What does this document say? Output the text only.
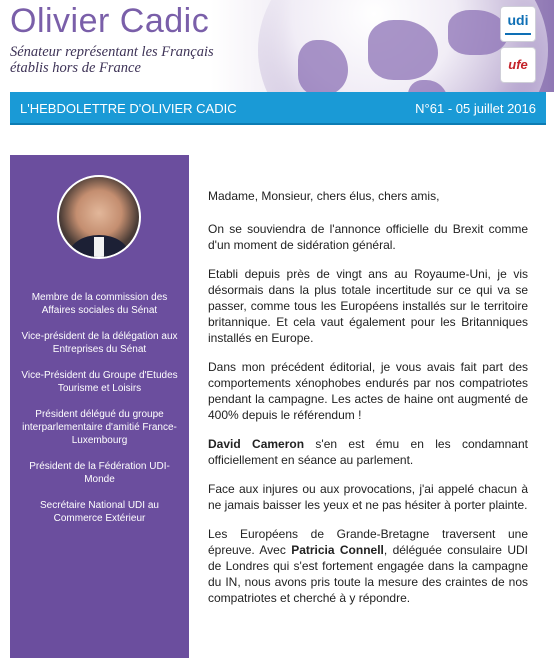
Olivier Cadic
Sénateur représentant les Français
établis hors de France
udi
ufe
L'HEBDOLETTRE D'OLIVIER CADIC	N°61 - 05 juillet 2016
Membre de la commission des Affaires sociales du Sénat
Vice-président de la délégation aux Entreprises du Sénat
Vice-Président du Groupe d'Etudes Tourisme et Loisirs
Président délégué du groupe interparlementaire d'amitié France-Luxembourg
Président de la Fédération UDI-Monde
Secrétaire National UDI au Commerce Extérieur

Madame, Monsieur, chers élus, chers amis,

On se souviendra de l'annonce officielle du Brexit comme d'un moment de sidération général.

Etabli depuis près de vingt ans au Royaume-Uni, je vis désormais dans la plus totale incertitude sur ce qui va se passer, comme tous les Européens installés sur le territoire britannique. Et cela vaut également pour les Britanniques installés en Europe.

Dans mon précédent éditorial, je vous avais fait part des comportements xénophobes endurés par nos compatriotes pendant la campagne. Les actes de haine ont augmenté de 400% depuis le référendum !

David Cameron s'en est ému en les condamnant officiellement en séance au parlement.

Face aux injures ou aux provocations, j'ai appelé chacun à ne jamais baisser les yeux et ne pas hésiter à porter plainte.

Les Européens de Grande-Bretagne traversent une épreuve. Avec Patricia Connell, déléguée consulaire UDI de Londres qui s'est fortement engagée dans la campagne du IN, nous avons pris toute la mesure des craintes de nos compatriotes et cherché à y répondre.
